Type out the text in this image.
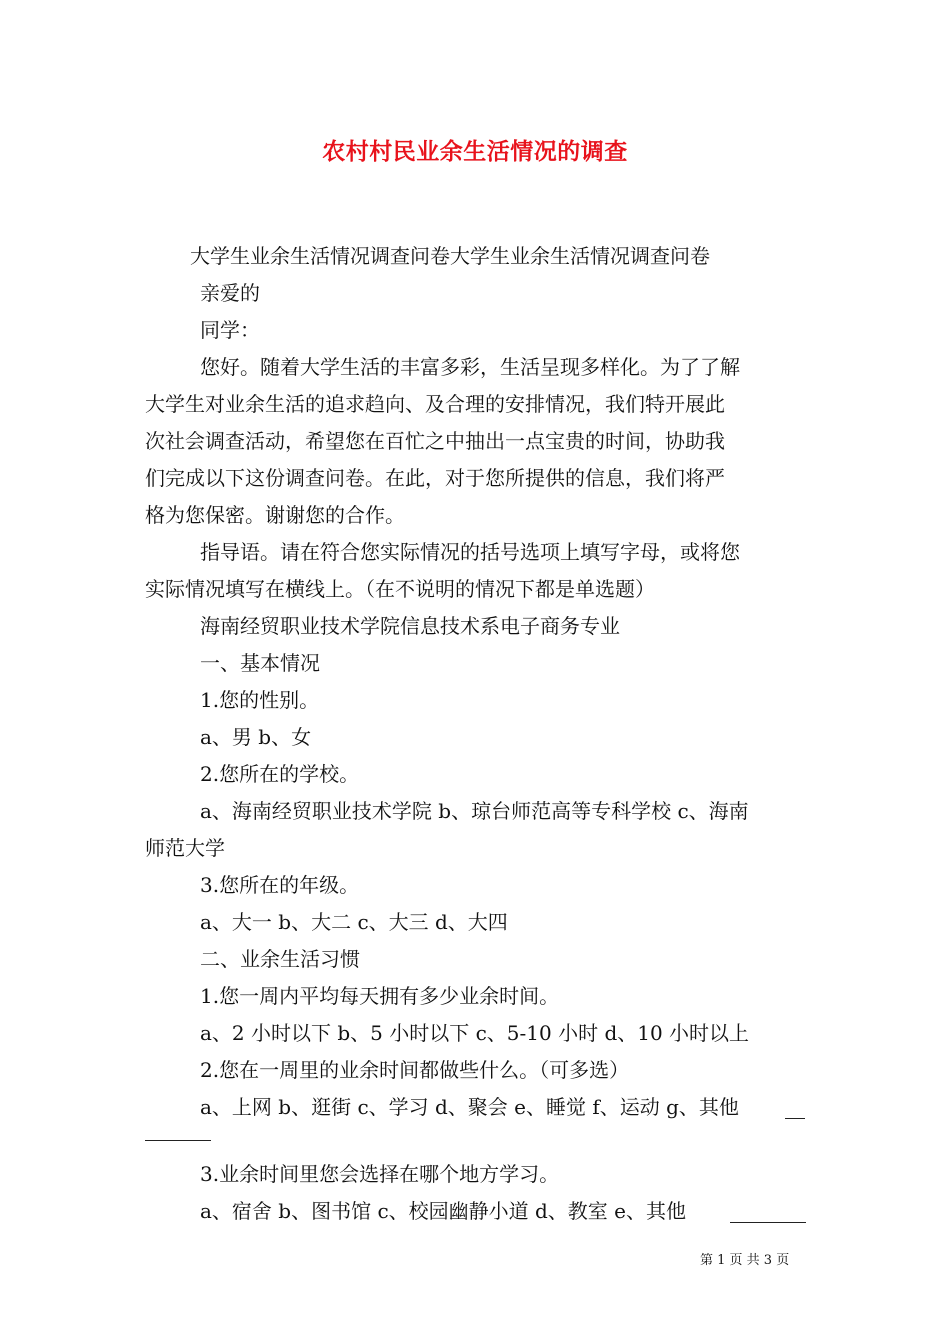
农村村民业余生活情况的调查
大学生业余生活情况调查问卷大学生业余生活情况调查问卷
亲爱的
同学：
您好。随着大学生活的丰富多彩，生活呈现多样化。为了了解
大学生对业余生活的追求趋向、及合理的安排情况，我们特开展此
次社会调查活动，希望您在百忙之中抽出一点宝贵的时间，协助我
们完成以下这份调查问卷。在此，对于您所提供的信息，我们将严
格为您保密。谢谢您的合作。
指导语。请在符合您实际情况的括号选项上填写字母，或将您
实际情况填写在横线上。（在不说明的情况下都是单选题）
海南经贸职业技术学院信息技术系电子商务专业
一、基本情况
1.您的性别。
a、男 b、女
2.您所在的学校。
a、海南经贸职业技术学院 b、琼台师范高等专科学校 c、海南
师范大学
3.您所在的年级。
a、大一 b、大二 c、大三 d、大四
二、业余生活习惯
1.您一周内平均每天拥有多少业余时间。
a、2 小时以下 b、5 小时以下 c、5-10 小时 d、10 小时以上
2.您在一周里的业余时间都做些什么。（可多选）
a、上网 b、逛街 c、学习 d、聚会 e、睡觉 f、运动 g、其他
3.业余时间里您会选择在哪个地方学习。
a、宿舍 b、图书馆 c、校园幽静小道 d、教室 e、其他
第 1 页 共 3 页
